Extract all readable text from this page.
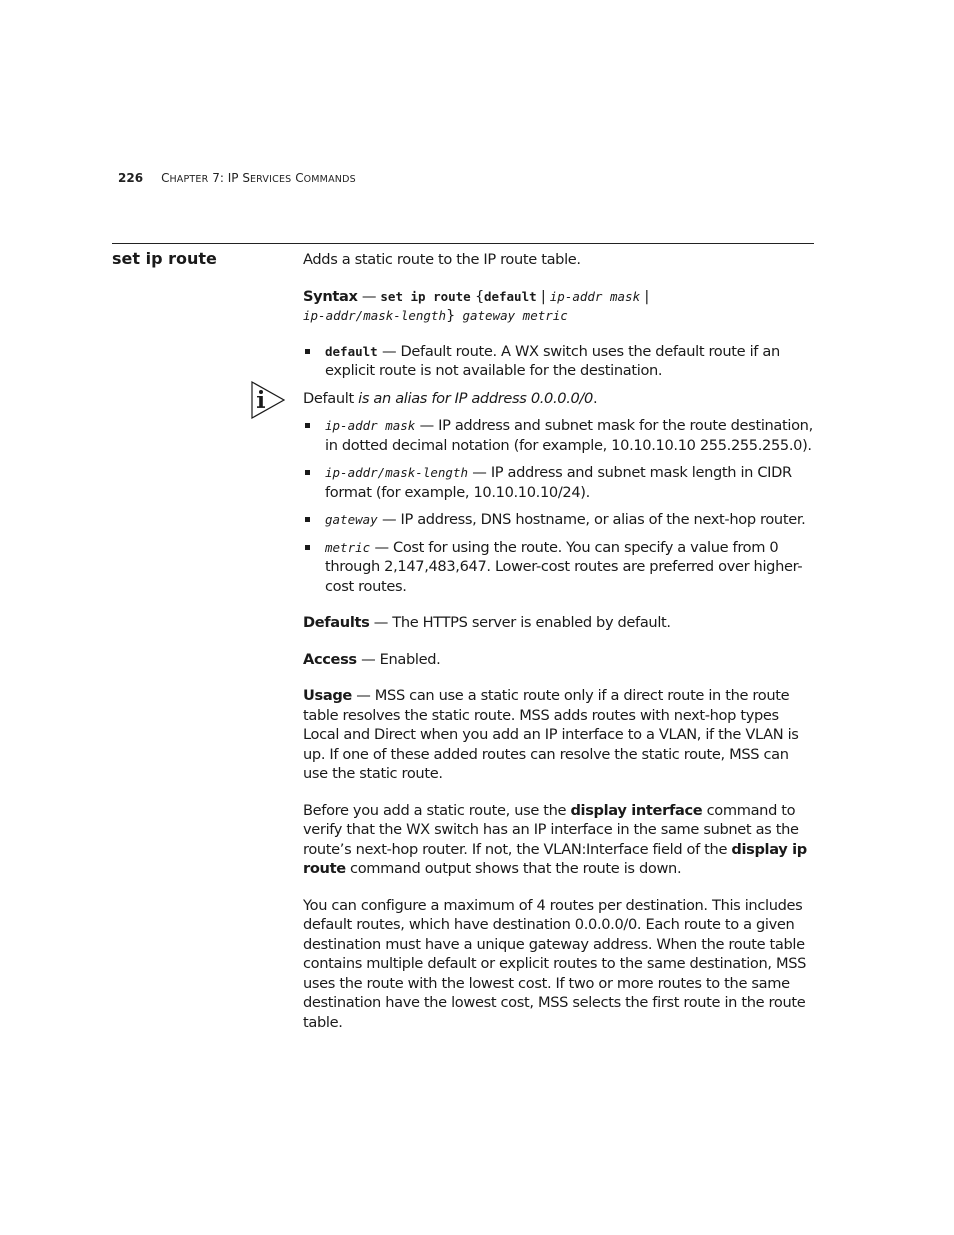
226 CHAPTER 7: IP SERVICES COMMANDS
set ip route	Adds a static route to the IP route table.

Syntax — set ip route {default | ip-addr mask |
ip-addr/mask-length} gateway metric

default — Default route. A WX switch uses the default route if an explicit route is not available for the destination.

Default is an alias for IP address 0.0.0.0/0.

ip-addr mask — IP address and subnet mask for the route destination, in dotted decimal notation (for example, 10.10.10.10 255.255.255.0).
ip-addr/mask-length — IP address and subnet mask length in CIDR format (for example, 10.10.10.10/24).
gateway — IP address, DNS hostname, or alias of the next-hop router.
metric — Cost for using the route. You can specify a value from 0 through 2,147,483,647. Lower-cost routes are preferred over higher-cost routes.

Defaults — The HTTPS server is enabled by default.

Access — Enabled.

Usage — MSS can use a static route only if a direct route in the route table resolves the static route. MSS adds routes with next-hop types Local and Direct when you add an IP interface to a VLAN, if the VLAN is up. If one of these added routes can resolve the static route, MSS can use the static route.

Before you add a static route, use the display interface command to verify that the WX switch has an IP interface in the same subnet as the route’s next-hop router. If not, the VLAN:Interface field of the display ip route command output shows that the route is down.

You can configure a maximum of 4 routes per destination. This includes default routes, which have destination 0.0.0.0/0. Each route to a given destination must have a unique gateway address. When the route table contains multiple default or explicit routes to the same destination, MSS uses the route with the lowest cost. If two or more routes to the same destination have the lowest cost, MSS selects the first route in the route table.
